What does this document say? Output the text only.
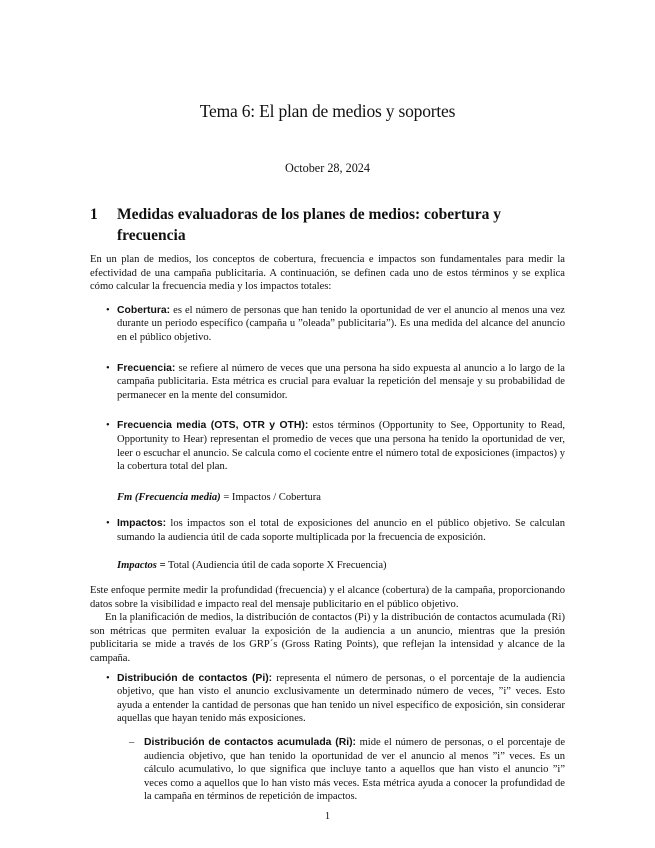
Tema 6: El plan de medios y soportes
October 28, 2024
1 Medidas evaluadoras de los planes de medios: cobertura y frecuencia

En un plan de medios, los conceptos de cobertura, frecuencia e impactos son fundamentales para medir la efectividad de una campaña publicitaria. A continuación, se definen cada uno de estos términos y se explica cómo calcular la frecuencia media y los impactos totales:

• Cobertura: es el número de personas que han tenido la oportunidad de ver el anuncio al menos una vez durante un periodo específico (campaña u ”oleada” publicitaria”). Es una medida del alcance del anuncio en el público objetivo.
• Frecuencia: se refiere al número de veces que una persona ha sido expuesta al anuncio a lo largo de la campaña publicitaria. Esta métrica es crucial para evaluar la repetición del mensaje y su probabilidad de permanecer en la mente del consumidor.
• Frecuencia media (OTS, OTR y OTH): estos términos (Opportunity to See, Opportunity to Read, Opportunity to Hear) representan el promedio de veces que una persona ha tenido la oportunidad de ver, leer o escuchar el anuncio. Se calcula como el cociente entre el número total de exposiciones (impactos) y la cobertura total del plan.

Fm (Frecuencia media) = Impactos / Cobertura

• Impactos: los impactos son el total de exposiciones del anuncio en el público objetivo. Se calculan sumando la audiencia útil de cada soporte multiplicada por la frecuencia de exposición.

Impactos = Total (Audiencia útil de cada soporte X Frecuencia)

Este enfoque permite medir la profundidad (frecuencia) y el alcance (cobertura) de la campaña, proporcionando datos sobre la visibilidad e impacto real del mensaje publicitario en el público objetivo.

En la planificación de medios, la distribución de contactos (Pi) y la distribución de contactos acumulada (Ri) son métricas que permiten evaluar la exposición de la audiencia a un anuncio, mientras que la presión publicitaria se mide a través de los GRP´s (Gross Rating Points), que reflejan la intensidad y alcance de la campaña.

• Distribución de contactos (Pi): representa el número de personas, o el porcentaje de la audiencia objetivo, que han visto el anuncio exclusivamente un determinado número de veces, ”i” veces. Esto ayuda a entender la cantidad de personas que han tenido un nivel específico de exposición, sin considerar aquellas que hayan tenido más exposiciones.
– Distribución de contactos acumulada (Ri): mide el número de personas, o el porcentaje de audiencia objetivo, que han tenido la oportunidad de ver el anuncio al menos ”i” veces. Es un cálculo acumulativo, lo que significa que incluye tanto a aquellos que han visto el anuncio ”i” veces como a aquellos que lo han visto más veces. Esta métrica ayuda a conocer la profundidad de la campaña en términos de repetición de impactos.
1
